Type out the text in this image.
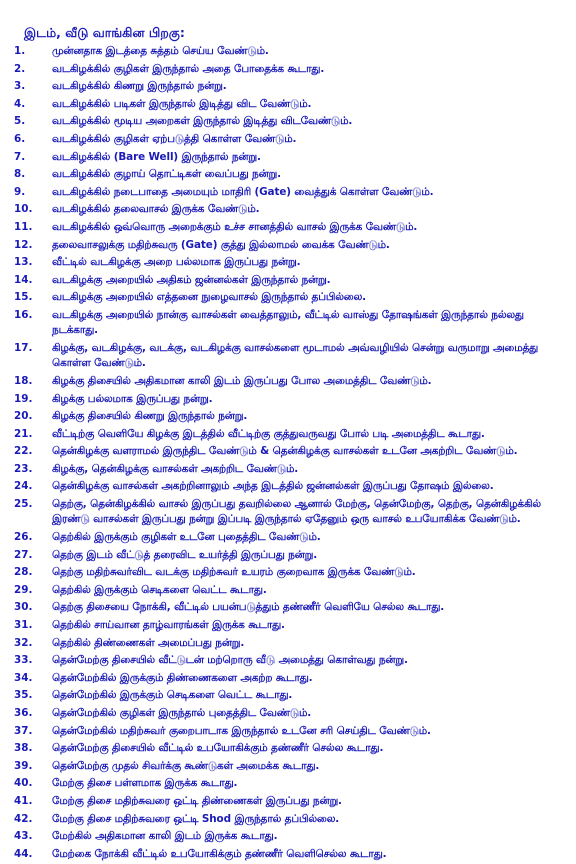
இடம், வீடு வாங்கின பிறகு:
1.	முன்னதாக இடத்தை சுத்தம் செய்ய வேண்டும்.
2.	வடகிழக்கில் குழிகள் இருந்தால் அதை போதைக்க கூடாது.
3.	வடகிழக்கில் கிணறு இருந்தால் நன்று.
4.	வடகிழக்கில் படிகள் இருந்தால் இடித்து விட வேண்டும்.
5.	வடகிழக்கில் மூடிய அறைகள் இருந்தால் இடித்து விடவேண்டும்.
6.	வடகிழக்கில் குழிகள் ஏற்படுத்தி கொள்ள வேண்டும்.
7.	வடகிழக்கில் (Bare Well) இருந்தால் நன்று.
8.	வடகிழக்கில் குழாய் தொட்டிகள் வைப்பது நன்று.
9.	வடகிழக்கில் நடைபாதை அமையும் மாதிரி (Gate) வைத்துக் கொள்ள வேண்டும்.
10.	வடகிழக்கில் தலைவாசல் இருக்க வேண்டும்.
11.	வடகிழக்கில் ஒவ்வொரு அறைக்கும் உச்ச சானத்தில் வாசல் இருக்க வேண்டும்.
12.	தலைவாசலுக்கு மதிற்சுவரு (Gate) குத்து இல்லாமல் வைக்க வேண்டும்.
13.	வீட்டில் வடகிழக்கு அறை பல்லமாக இருப்பது நன்று.
14.	வடகிழக்கு அறையில் அதிகம் ஜன்னல்கள் இருந்தால் நன்று.
15.	வடகிழக்கு அறையில் எத்தனை நுழைவாசல் இருந்தால் தப்பில்லை.
16.	வடகிழக்கு அறையில் நான்கு வாசல்கள் வைத்தாலும், வீட்டில் வாஸ்து தோஷங்கள் இருந்தால் நல்லது நடக்காது.
17.	கிழக்கு, வடகிழக்கு, வடக்கு, வடகிழக்கு வாசல்களை மூடாமல் அவ்வழியில் சென்று வருமாறு அமைத்து கொள்ள வேண்டும்.
18.	கிழக்கு திசையில் அதிகமான காலி இடம் இருப்பது போல அமைத்திட வேண்டும்.
19.	கிழக்கு பல்லமாக இருப்பது நன்று.
20.	கிழக்கு திசையில் கிணறு இருந்தால் நன்று.
21.	வீட்டிற்கு வெளியே கிழக்கு இடத்தில் வீட்டிற்கு குத்துவருவது போல் படி அமைத்திட கூடாது.
22.	தென்கிழக்கு வளராமல் இருந்திட வேண்டும் & தென்கிழக்கு வாசல்கள் உடனே அகற்றிட வேண்டும்.
23.	கிழக்கு, தென்கிழக்கு வாசல்கள் அகற்றிட வேண்டும்.
24.	தென்கிழக்கு வாசல்கள் அகற்றினாலும் அந்த இடத்தில் ஜன்னல்கள் இருப்பது தோஷம் இல்லை.
25.	தெற்கு, தென்கிழக்கில் வாசல் இருப்பது தவறில்லை ஆனால் மேற்கு, தென்மேற்கு, தெற்கு, தென்கிழக்கில் இரண்டு வாசல்கள் இருப்பது நன்று இப்படி இருந்தால் ஏதேனும் ஒரு வாசல் உபயோகிக்க வேண்டும்.
26.	தெற்கில் இருக்கும் குழிகள் உடனே புதைத்திட வேண்டும்.
27.	தெற்கு இடம் வீட்டுத் தரைவிட உயர்த்தி இருப்பது நன்று.
28.	தெற்கு மதிற்சுவர்விட வடக்கு மதிற்சுவர் உயரம் குறைவாக இருக்க வேண்டும்.
29.	தெற்கில் இருக்கும் செடிகளை வெட்ட கூடாது.
30.	தெற்கு திசையை நோக்கி, வீட்டில் பயன்படுத்தும் தண்ணீர் வெளியே செல்ல கூடாது.
31.	தெற்கில் சாய்வான தாழ்வாரங்கள் இருக்க கூடாது.
32.	தெற்கில் திண்ணைகள் அமைப்பது நன்று.
33.	தென்மேற்கு திசையில் வீட்டுடன் மற்றொரு வீடு அமைத்து கொள்வது நன்று.
34.	தென்மேற்கில் இருக்கும் திண்ணைகளை அகற்ற கூடாது.
35.	தென்மேற்கில் இருக்கும் செடிகளை வெட்ட கூடாது.
36.	தென்மேற்கில் குழிகள் இருந்தால் புதைத்திட வேண்டும்.
37.	தென்மேற்கில் மதிற்சுவர் குறைபாடாக இருந்தால் உடனே சரி செய்திட வேண்டும்.
38.	தென்மேற்கு திசையில் வீட்டில் உபயோகிக்கும் தண்ணீர் செல்ல கூடாது.
39.	தென்மேற்கு முதல் சிவர்க்கு கூண்டுகள் அமைக்க கூடாது.
40.	மேற்கு திசை பள்ளமாக இருக்க கூடாது.
41.	மேற்கு திசை மதிற்சுவரை ஒட்டி திண்ணைகள் இருப்பது நன்று.
42.	மேற்கு திசை மதிற்சுவரை ஒட்டி Shod இருந்தால் தப்பில்லை.
43.	மேற்கில் அதிகமான காலி இடம் இருக்க கூடாது.
44.	மேற்கை நோக்கி வீட்டில் உபயோகிக்கும் தண்ணீர் வெளிசெல்ல கூடாது.
